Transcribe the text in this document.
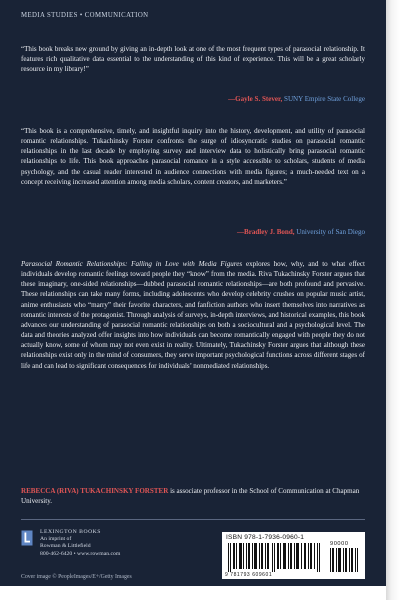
MEDIA STUDIES • COMMUNICATION

“This book breaks new ground by giving an in-depth look at one of the most frequent types of parasocial relationship. It features rich qualitative data essential to the understanding of this kind of experience. This will be a great scholarly resource in my library!”

—Gayle S. Stever, SUNY Empire State College

“This book is a comprehensive, timely, and insightful inquiry into the history, development, and utility of parasocial romantic relationships. Tukachinsky Forster confronts the surge of idiosyncratic studies on parasocial romantic relationships in the last decade by employing survey and interview data to holistically bring parasocial romantic relationships to life. This book approaches parasocial romance in a style accessible to scholars, students of media psychology, and the casual reader interested in audience connections with media figures; a much-needed text on a concept receiving increased attention among media scholars, content creators, and marketers.”

—Bradley J. Bond, University of San Diego

Parasocial Romantic Relationships: Falling in Love with Media Figures explores how, why, and to what effect individuals develop romantic feelings toward people they “know” from the media. Riva Tukachinsky Forster argues that these imaginary, one-sided relationships—dubbed parasocial romantic relationships—are both profound and pervasive. These relationships can take many forms, including adolescents who develop celebrity crushes on popular music artist, anime enthusiasts who “marry” their favorite characters, and fanfiction authors who insert themselves into narratives as romantic interests of the protagonist. Through analysis of surveys, in-depth interviews, and historical examples, this book advances our understanding of parasocial romantic relationships on both a sociocultural and a psychological level. The data and theories analyzed offer insights into how individuals can become romantically engaged with people they do not actually know, some of whom may not even exist in reality. Ultimately, Tukachinsky Forster argues that although these relationships exist only in the mind of consumers, they serve important psychological functions across different stages of life and can lead to significant consequences for individuals’ nonmediated relationships.

REBECCA (RIVA) TUKACHINSKY FORSTER is associate professor in the School of Communication at Chapman University.
LEXINGTON BOOKS
An imprint of
Rowman & Littlefield
800-462-6420 • www.rowman.com
ISBN 978-1-7936-0960-1
90000
9 781793 609601
Cover image © PeopleImages/E+/Getty Images
